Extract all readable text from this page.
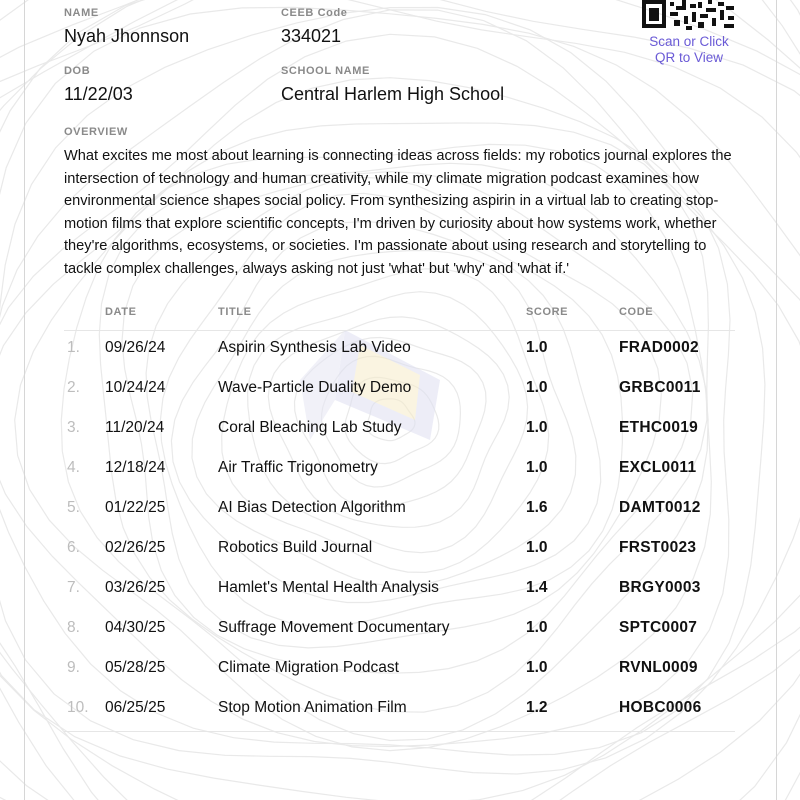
NAME
Nyah Jhonnson
CEEB Code
334021
DOB
11/22/03
SCHOOL NAME
Central Harlem High School
Scan or Click
QR to View
OVERVIEW
What excites me most about learning is connecting ideas across fields: my robotics journal explores the intersection of technology and human creativity, while my climate migration podcast examines how environmental science shapes social policy. From synthesizing aspirin in a virtual lab to creating stop-motion films that explore scientific concepts, I'm driven by curiosity about how systems work, whether they're algorithms, ecosystems, or societies. I'm passionate about using research and storytelling to tackle complex challenges, always asking not just 'what' but 'why' and 'what if.'
DATE	TITLE	SCORE	CODE
1. 09/26/24	Aspirin Synthesis Lab Video	1.0	FRAD0002
2. 10/24/24	Wave-Particle Duality Demo	1.0	GRBC0011
3. 11/20/24	Coral Bleaching Lab Study	1.0	ETHC0019
4. 12/18/24	Air Traffic Trigonometry	1.0	EXCL0011
5. 01/22/25	AI Bias Detection Algorithm	1.6	DAMT0012
6. 02/26/25	Robotics Build Journal	1.0	FRST0023
7. 03/26/25	Hamlet's Mental Health Analysis	1.4	BRGY0003
8. 04/30/25	Suffrage Movement Documentary	1.0	SPTC0007
9. 05/28/25	Climate Migration Podcast	1.0	RVNL0009
10. 06/25/25	Stop Motion Animation Film	1.2	HOBC0006
